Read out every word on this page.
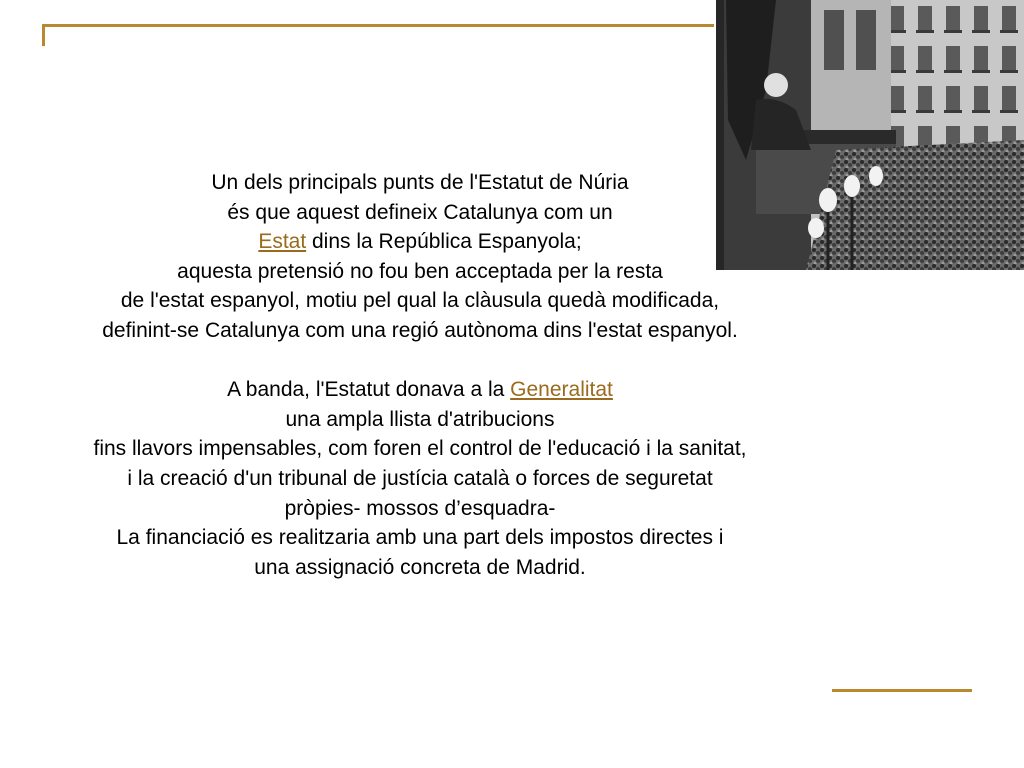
Un dels principals punts de l'Estatut de Núria
és que aquest defineix Catalunya com un
Estat dins la República Espanyola;
aquesta pretensió no fou ben acceptada per la resta
de l'estat espanyol, motiu pel qual la clàusula quedà modificada,
definint-se Catalunya com una regió autònoma dins l'estat espanyol.
A banda, l'Estatut donava a la Generalitat
una ampla llista d'atribucions
fins llavors impensables, com foren el control de l'educació i la sanitat,
i la creació d'un tribunal de justícia català o forces de seguretat
pròpies- mossos d’esquadra-
La financiació es realitzaria amb una part dels impostos directes i
una assignació concreta de Madrid.
